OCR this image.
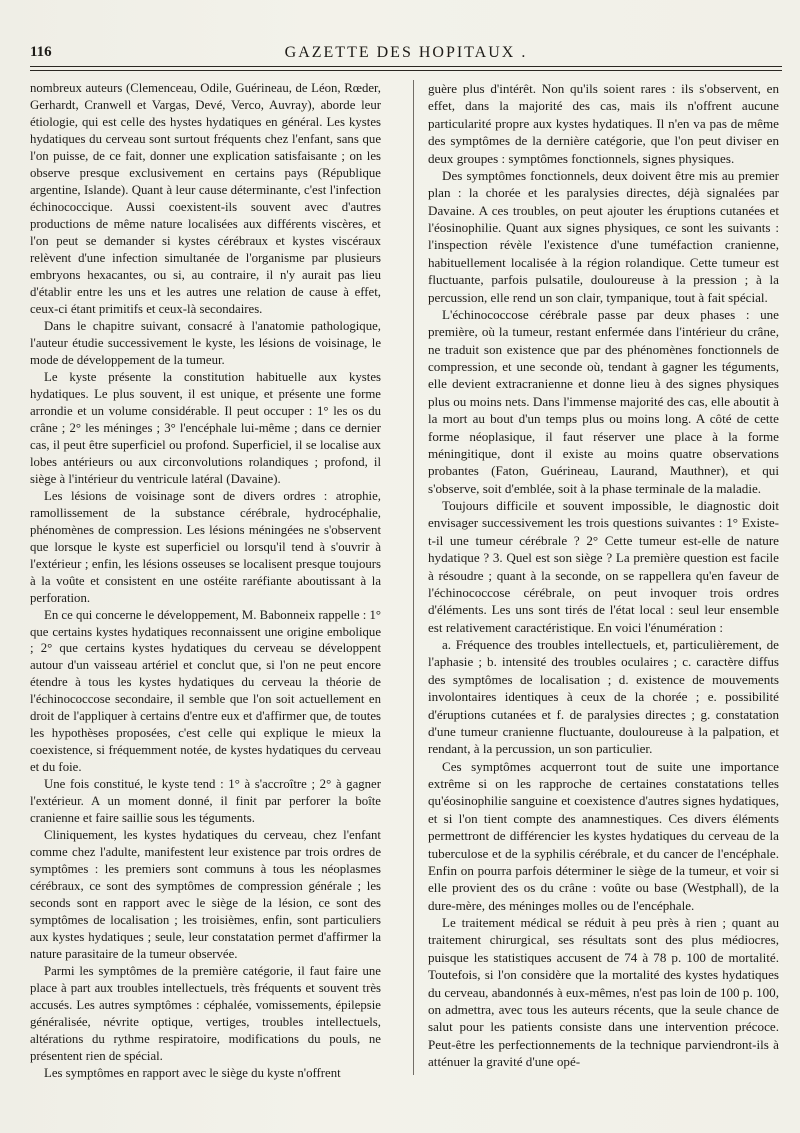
116	GAZETTE DES HOPITAUX .

nombreux auteurs (Clemenceau, Odile, Guérineau, de Léon, Rœder, Gerhardt, Cranwell et Vargas, Devé, Verco, Auvray), aborde leur étiologie, qui est celle des hystes hydatiques en général. Les kystes hydatiques du cerveau sont surtout fréquents chez l'enfant, sans que l'on puisse, de ce fait, donner une explication satisfaisante ; on les observe presque exclusivement en certains pays (République argentine, Islande). Quant à leur cause déterminante, c'est l'infection échinococcique. Aussi coexistent-ils souvent avec d'autres productions de même nature localisées aux différents viscères, et l'on peut se demander si kystes cérébraux et kystes viscéraux relèvent d'une infection simultanée de l'organisme par plusieurs embryons hexacantes, ou si, au contraire, il n'y aurait pas lieu d'établir entre les uns et les autres une relation de cause à effet, ceux-ci étant primitifs et ceux-là secondaires.

Dans le chapitre suivant, consacré à l'anatomie pathologique, l'auteur étudie successivement le kyste, les lésions de voisinage, le mode de développement de la tumeur.

Le kyste présente la constitution habituelle aux kystes hydatiques. Le plus souvent, il est unique, et présente une forme arrondie et un volume considérable. Il peut occuper : 1° les os du crâne ; 2° les méninges ; 3° l'encéphale lui-même ; dans ce dernier cas, il peut être superficiel ou profond. Superficiel, il se localise aux lobes antérieurs ou aux circonvolutions rolandiques ; profond, il siège à l'intérieur du ventricule latéral (Davaine).

Les lésions de voisinage sont de divers ordres : atrophie, ramollissement de la substance cérébrale, hydrocéphalie, phénomènes de compression. Les lésions méningées ne s'observent que lorsque le kyste est superficiel ou lorsqu'il tend à s'ouvrir à l'extérieur ; enfin, les lésions osseuses se localisent presque toujours à la voûte et consistent en une ostéite raréfiante aboutissant à la perforation.

En ce qui concerne le développement, M. Babonneix rappelle : 1° que certains kystes hydatiques reconnaissent une origine embolique ; 2° que certains kystes hydatiques du cerveau se développent autour d'un vaisseau artériel et conclut que, si l'on ne peut encore étendre à tous les kystes hydatiques du cerveau la théorie de l'échinococcose secondaire, il semble que l'on soit actuellement en droit de l'appliquer à certains d'entre eux et d'affirmer que, de toutes les hypothèses proposées, c'est celle qui explique le mieux la coexistence, si fréquemment notée, de kystes hydatiques du cerveau et du foie.

Une fois constitué, le kyste tend : 1° à s'accroître ; 2° à gagner l'extérieur. A un moment donné, il finit par perforer la boîte cranienne et faire saillie sous les téguments.

Cliniquement, les kystes hydatiques du cerveau, chez l'enfant comme chez l'adulte, manifestent leur existence par trois ordres de symptômes : les premiers sont communs à tous les néoplasmes cérébraux, ce sont des symptômes de compression générale ; les seconds sont en rapport avec le siège de la lésion, ce sont des symptômes de localisation ; les troisièmes, enfin, sont particuliers aux kystes hydatiques ; seule, leur constatation permet d'affirmer la nature parasitaire de la tumeur observée.

Parmi les symptômes de la première catégorie, il faut faire une place à part aux troubles intellectuels, très fréquents et souvent très accusés. Les autres symptômes : céphalée, vomissements, épilepsie généralisée, névrite optique, vertiges, troubles intellectuels, altérations du rythme respiratoire, modifications du pouls, ne présentent rien de spécial.

Les symptômes en rapport avec le siège du kyste n'offrent

guère plus d'intérêt. Non qu'ils soient rares : ils s'observent, en effet, dans la majorité des cas, mais ils n'offrent aucune particularité propre aux kystes hydatiques. Il n'en va pas de même des symptômes de la dernière catégorie, que l'on peut diviser en deux groupes : symptômes fonctionnels, signes physiques.

Des symptômes fonctionnels, deux doivent être mis au premier plan : la chorée et les paralysies directes, déjà signalées par Davaine. A ces troubles, on peut ajouter les éruptions cutanées et l'éosinophilie. Quant aux signes physiques, ce sont les suivants : l'inspection révèle l'existence d'une tuméfaction cranienne, habituellement localisée à la région rolandique. Cette tumeur est fluctuante, parfois pulsatile, douloureuse à la pression ; à la percussion, elle rend un son clair, tympanique, tout à fait spécial.

L'échinococcose cérébrale passe par deux phases : une première, où la tumeur, restant enfermée dans l'intérieur du crâne, ne traduit son existence que par des phénomènes fonctionnels de compression, et une seconde où, tendant à gagner les téguments, elle devient extracranienne et donne lieu à des signes physiques plus ou moins nets. Dans l'immense majorité des cas, elle aboutit à la mort au bout d'un temps plus ou moins long. A côté de cette forme néoplasique, il faut réserver une place à la forme méningitique, dont il existe au moins quatre observations probantes (Faton, Guérineau, Laurand, Mauthner), et qui s'observe, soit d'emblée, soit à la phase terminale de la maladie.

Toujours difficile et souvent impossible, le diagnostic doit envisager successivement les trois questions suivantes : 1° Existe-t-il une tumeur cérébrale ? 2° Cette tumeur est-elle de nature hydatique ? 3. Quel est son siège ? La première question est facile à résoudre ; quant à la seconde, on se rappellera qu'en faveur de l'échinococcose cérébrale, on peut invoquer trois ordres d'éléments. Les uns sont tirés de l'état local : seul leur ensemble est relativement caractéristique. En voici l'énumération :

a. Fréquence des troubles intellectuels, et, particulièrement, de l'aphasie ; b. intensité des troubles oculaires ; c. caractère diffus des symptômes de localisation ; d. existence de mouvements involontaires identiques à ceux de la chorée ; e. possibilité d'éruptions cutanées et f. de paralysies directes ; g. constatation d'une tumeur cranienne fluctuante, douloureuse à la palpation, et rendant, à la percussion, un son particulier.

Ces symptômes acquerront tout de suite une importance extrême si on les rapproche de certaines constatations telles qu'éosinophilie sanguine et coexistence d'autres signes hydatiques, et si l'on tient compte des anamnestiques. Ces divers éléments permettront de différencier les kystes hydatiques du cerveau de la tuberculose et de la syphilis cérébrale, et du cancer de l'encéphale. Enfin on pourra parfois déterminer le siège de la tumeur, et voir si elle provient des os du crâne : voûte ou base (Westphall), de la dure-mère, des méninges molles ou de l'encéphale.

Le traitement médical se réduit à peu près à rien ; quant au traitement chirurgical, ses résultats sont des plus médiocres, puisque les statistiques accusent de 74 à 78 p. 100 de mortalité. Toutefois, si l'on considère que la mortalité des kystes hydatiques du cerveau, abandonnés à eux-mêmes, n'est pas loin de 100 p. 100, on admettra, avec tous les auteurs récents, que la seule chance de salut pour les patients consiste dans une intervention précoce. Peut-être les perfectionnements de la technique parviendront-ils à atténuer la gravité d'une opé-
